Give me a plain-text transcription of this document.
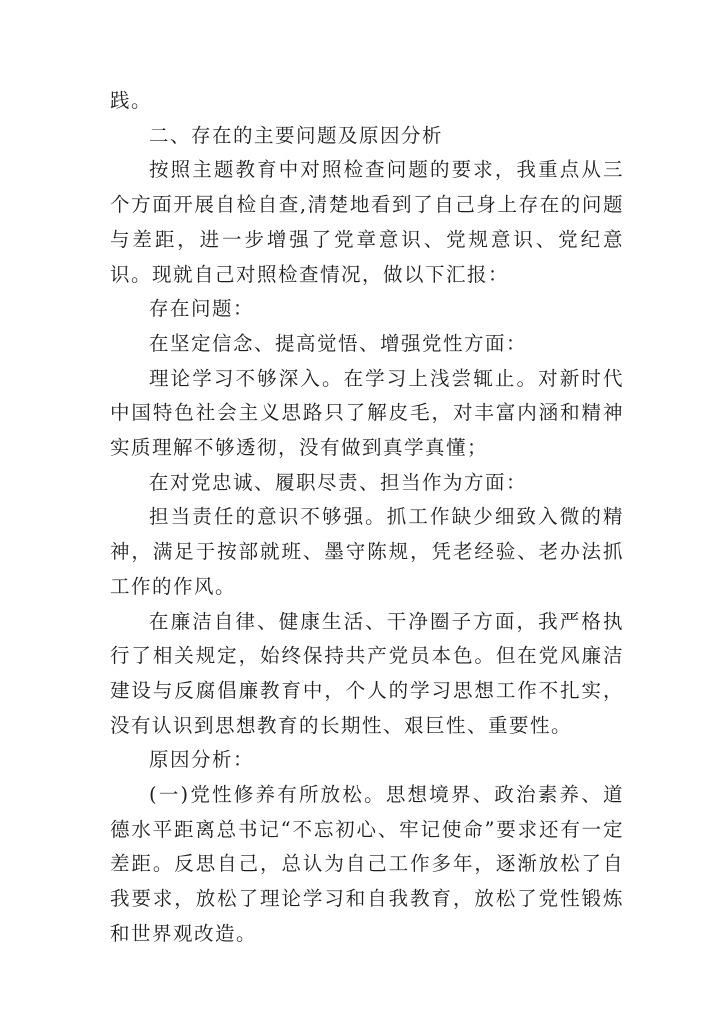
践。

二、存在的主要问题及原因分析

按照主题教育中对照检查问题的要求，我重点从三个方面开展自检自查,清楚地看到了自己身上存在的问题与差距，进一步增强了党章意识、党规意识、党纪意识。现就自己对照检查情况，做以下汇报：

存在问题：

在坚定信念、提高觉悟、增强党性方面：

理论学习不够深入。在学习上浅尝辄止。对新时代中国特色社会主义思路只了解皮毛，对丰富内涵和精神实质理解不够透彻，没有做到真学真懂；

在对党忠诚、履职尽责、担当作为方面：

担当责任的意识不够强。抓工作缺少细致入微的精神，满足于按部就班、墨守陈规，凭老经验、老办法抓工作的作风。

在廉洁自律、健康生活、干净圈子方面，我严格执行了相关规定，始终保持共产党员本色。但在党风廉洁建设与反腐倡廉教育中，个人的学习思想工作不扎实，没有认识到思想教育的长期性、艰巨性、重要性。

原因分析：

(一)党性修养有所放松。思想境界、政治素养、道德水平距离总书记“不忘初心、牢记使命”要求还有一定差距。反思自己，总认为自己工作多年，逐渐放松了自我要求，放松了理论学习和自我教育，放松了党性锻炼和世界观改造。
